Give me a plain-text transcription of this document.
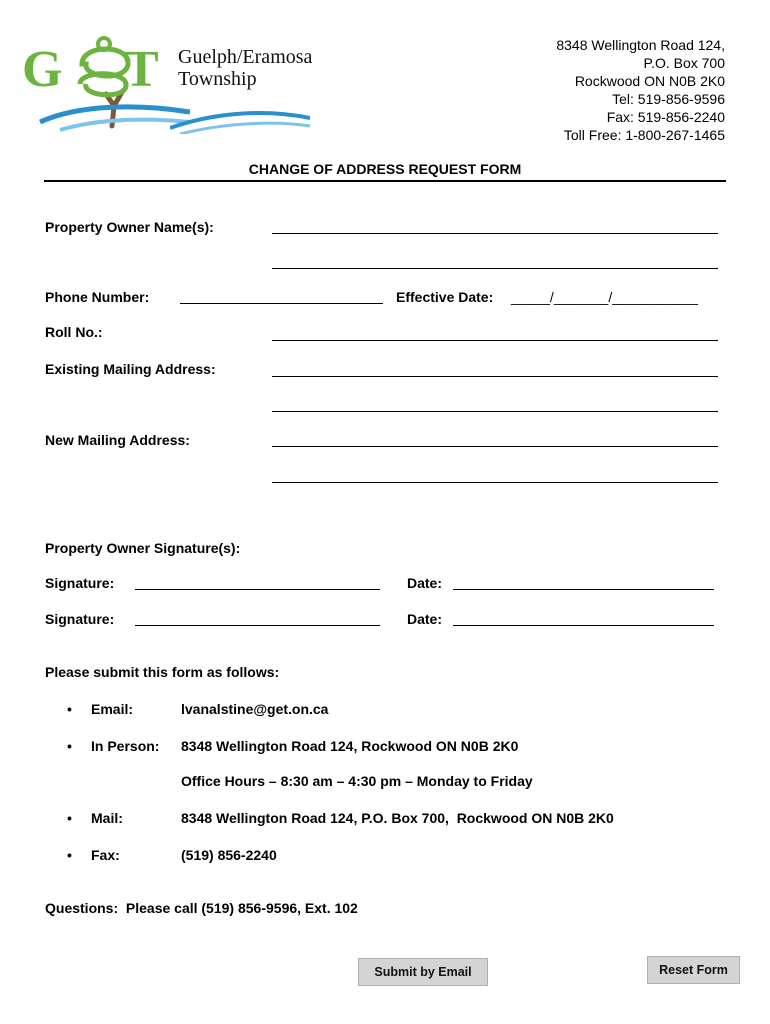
G T Guelph/Eramosa
Township
8348 Wellington Road 124,
P.O. Box 700
Rockwood ON N0B 2K0
Tel: 519-856-9596
Fax: 519-856-2240
Toll Free: 1-800-267-1465
CHANGE OF ADDRESS REQUEST FORM
Property Owner Name(s):
Phone Number:	Effective Date: _____/_______/___________
Roll No.:
Existing Mailing Address:
New Mailing Address:
Property Owner Signature(s):
Signature:	Date:
Signature:	Date:
Please submit this form as follows:
• Email:	lvanalstine@get.on.ca
• In Person: 8348 Wellington Road 124, Rockwood ON N0B 2K0
Office Hours – 8:30 am – 4:30 pm – Monday to Friday
• Mail:	8348 Wellington Road 124, P.O. Box 700,  Rockwood ON N0B 2K0
• Fax:	(519) 856-2240
Questions:  Please call (519) 856-9596, Ext. 102
Submit by Email	Reset Form
